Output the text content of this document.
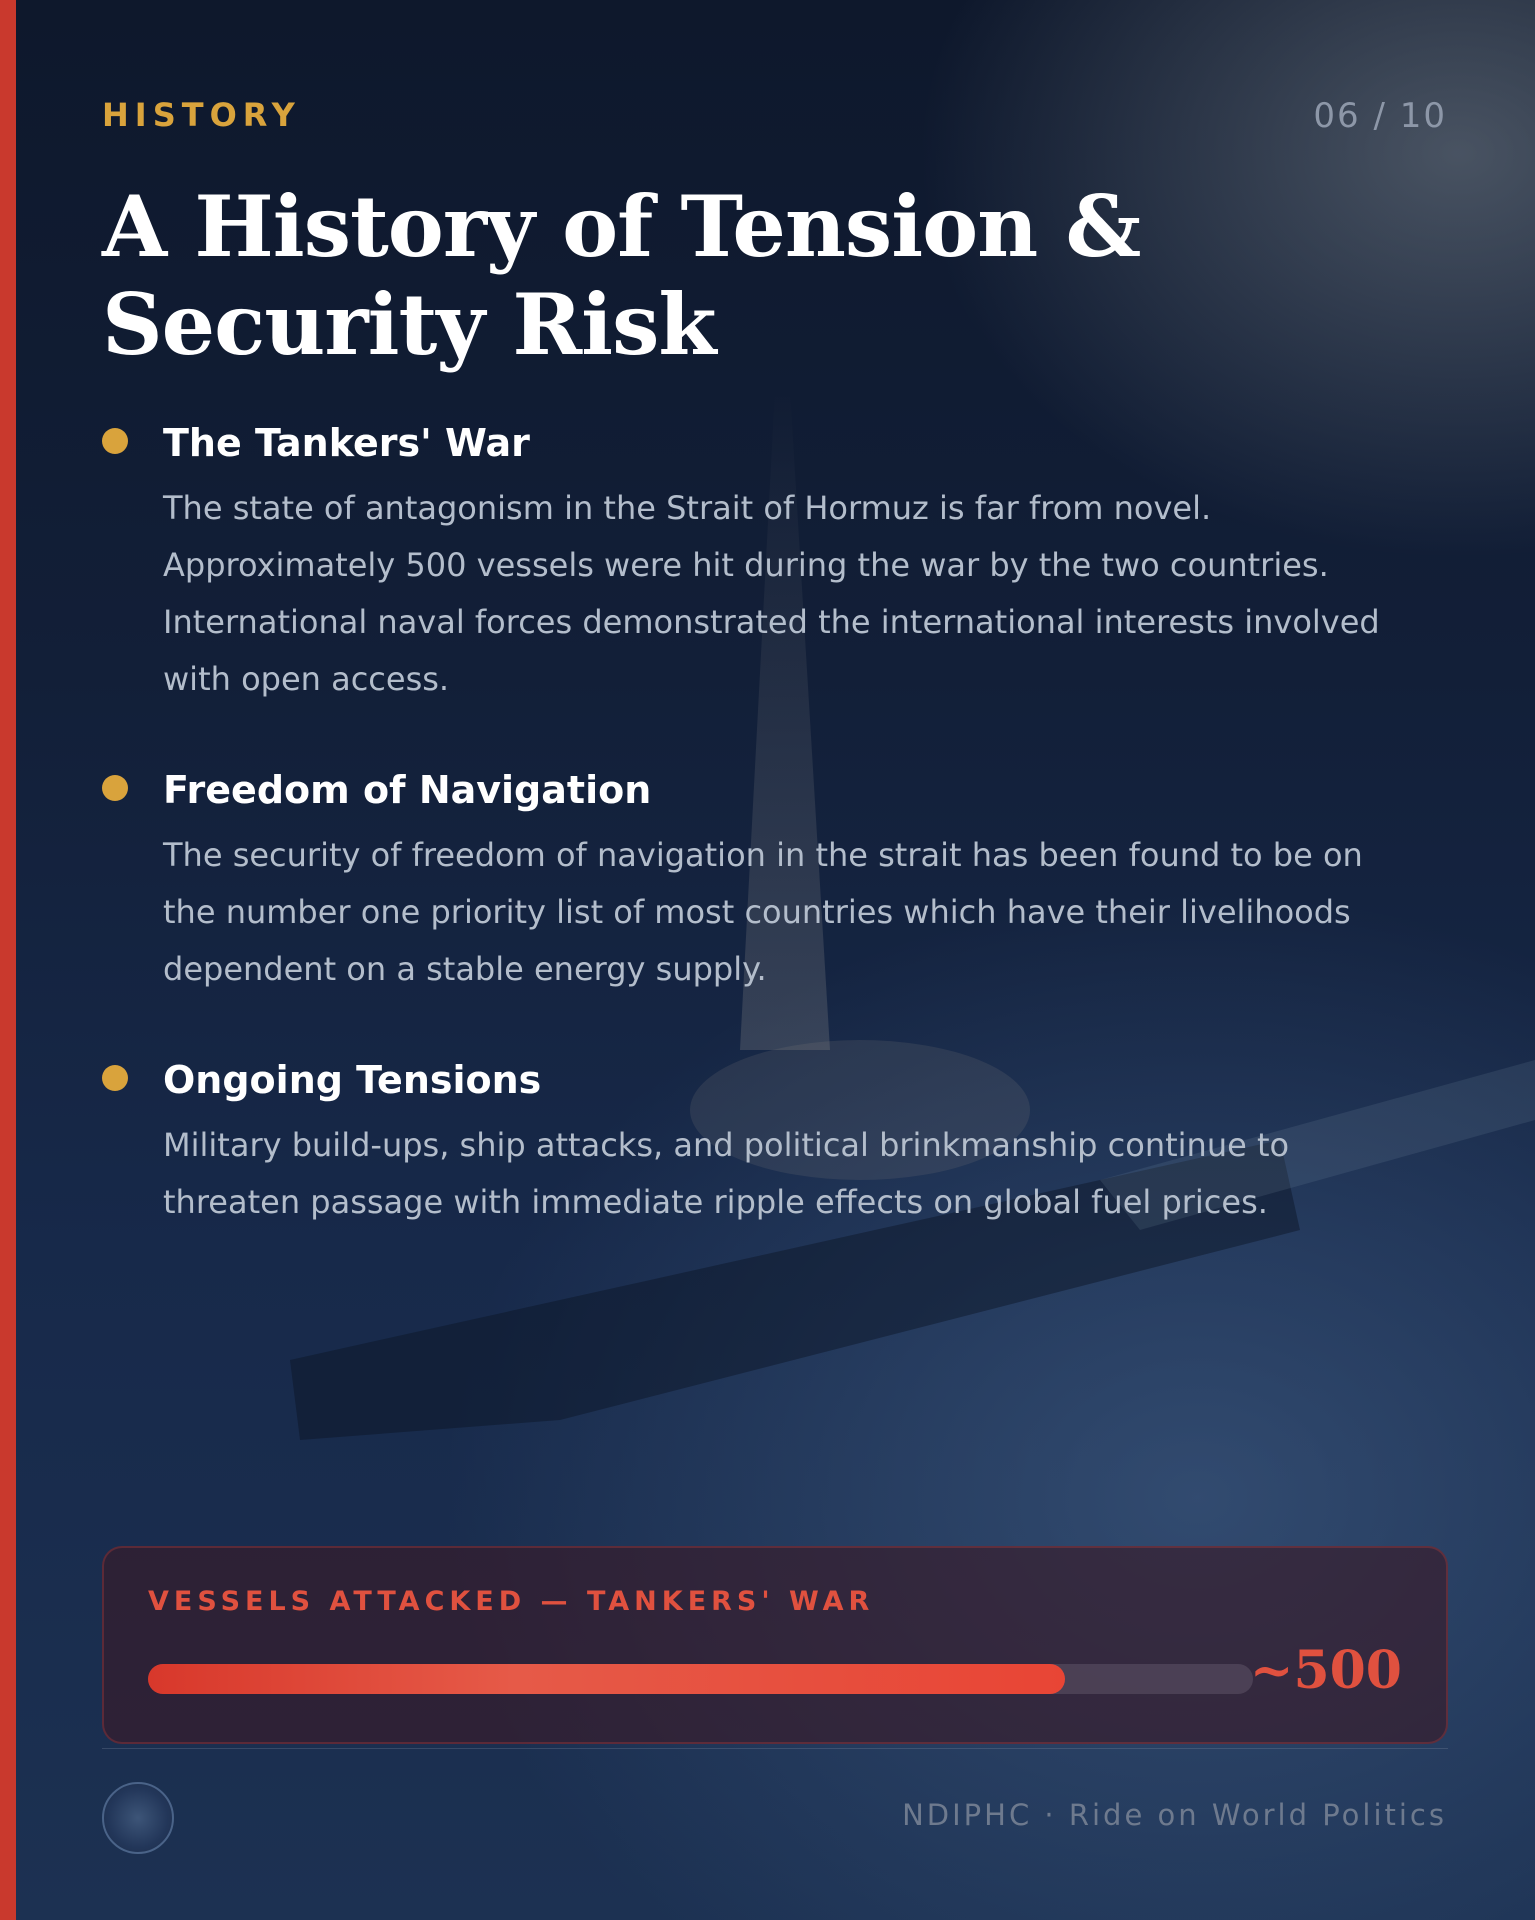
HISTORY	06 / 10

A History of Tension & Security Risk
The Tankers' War

The state of antagonism in the Strait of Hormuz is far from novel. Approximately 500 vessels were hit during the war by the two countries. International naval forces demonstrated the international interests involved with open access.

Freedom of Navigation

The security of freedom of navigation in the strait has been found to be on the number one priority list of most countries which have their livelihoods dependent on a stable energy supply.

Ongoing Tensions

Military build-ups, ship attacks, and political brinkmanship continue to threaten passage with immediate ripple effects on global fuel prices.

VESSELS ATTACKED — TANKERS' WAR

~500

NDIPHC · Ride on World Politics
